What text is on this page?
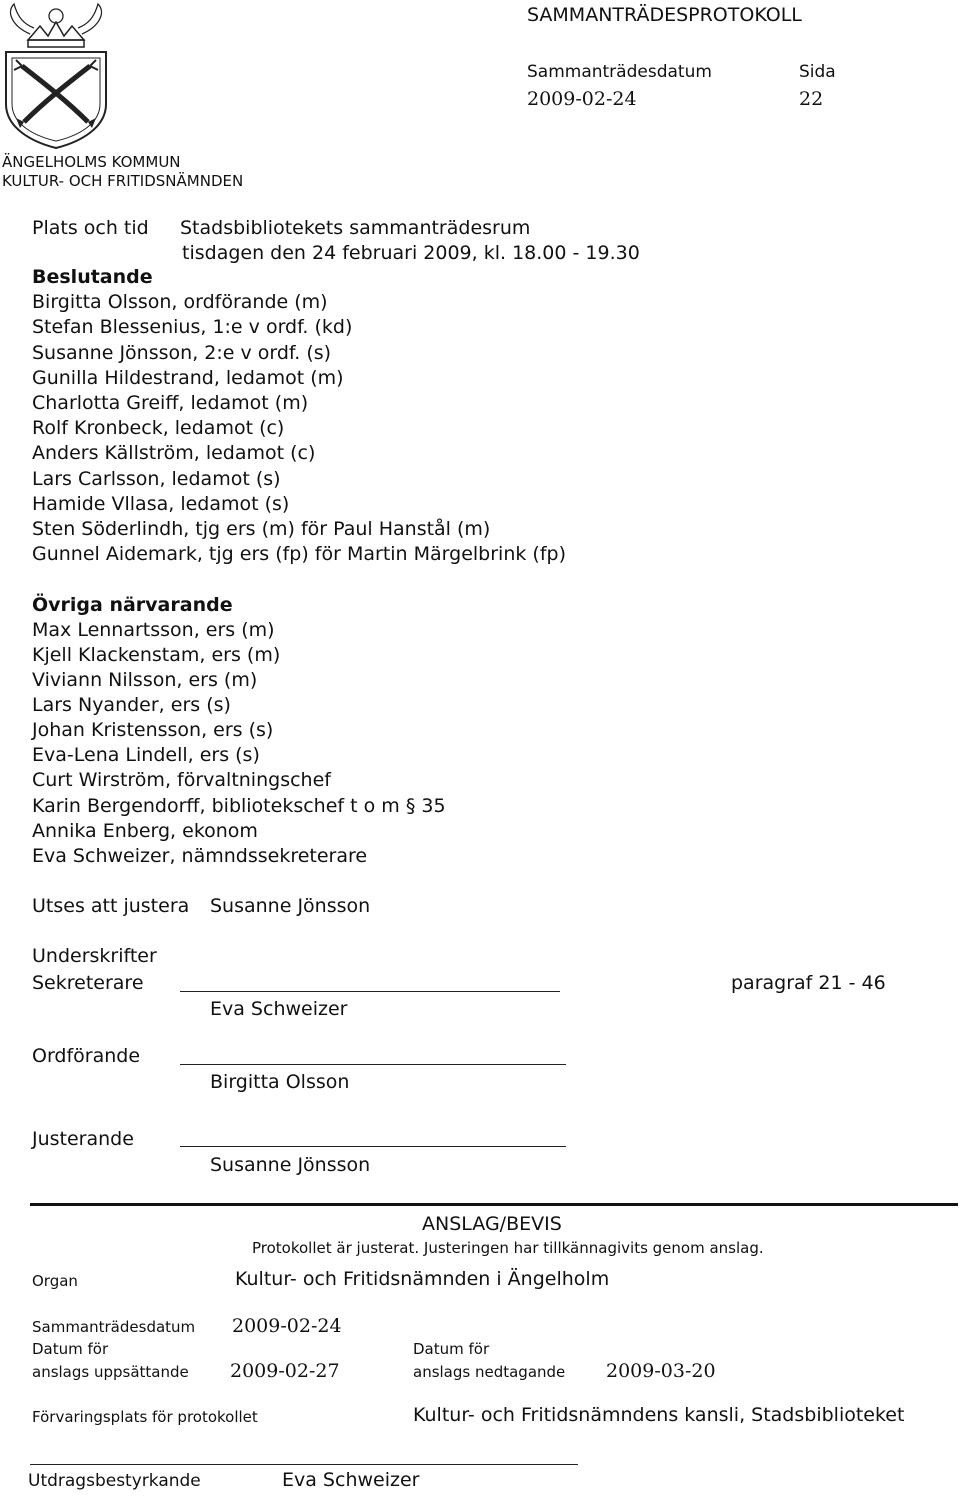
SAMMANTRÄDESPROTOKOLL
Sammanträdesdatum	Sida
2009-02-24	22
ÄNGELHOLMS KOMMUN
KULTUR- OCH FRITIDSNÄMNDEN
Plats och tid Stadsbibliotekets sammanträdesrum
tisdagen den 24 februari 2009, kl. 18.00 - 19.30
Beslutande
Birgitta Olsson, ordförande (m)
Stefan Blessenius, 1:e v ordf. (kd)
Susanne Jönsson, 2:e v ordf. (s)
Gunilla Hildestrand, ledamot (m)
Charlotta Greiff, ledamot (m)
Rolf Kronbeck, ledamot (c)
Anders Källström, ledamot (c)
Lars Carlsson, ledamot (s)
Hamide Vllasa, ledamot (s)
Sten Söderlindh, tjg ers (m) för Paul Hanstål (m)
Gunnel Aidemark, tjg ers (fp) för Martin Märgelbrink (fp)
Övriga närvarande
Max Lennartsson, ers (m)
Kjell Klackenstam, ers (m)
Viviann Nilsson, ers (m)
Lars Nyander, ers (s)
Johan Kristensson, ers (s)
Eva-Lena Lindell, ers (s)
Curt Wirström, förvaltningschef
Karin Bergendorff, bibliotekschef t o m § 35
Annika Enberg, ekonom
Eva Schweizer, nämndssekreterare
Utses att justera Susanne Jönsson
Underskrifter
Sekreterare	paragraf 21 - 46
Eva Schweizer
Ordförande
Birgitta Olsson
Justerande
Susanne Jönsson
ANSLAG/BEVIS
Protokollet är justerat. Justeringen har tillkännagivits genom anslag.
Organ	Kultur- och Fritidsnämnden i Ängelholm
Sammanträdesdatum 2009-02-24
Datum för	Datum för
anslags uppsättande 2009-02-27	anslags nedtagande 2009-03-20
Förvaringsplats för protokollet	Kultur- och Fritidsnämndens kansli, Stadsbiblioteket
Utdragsbestyrkande	Eva Schweizer
